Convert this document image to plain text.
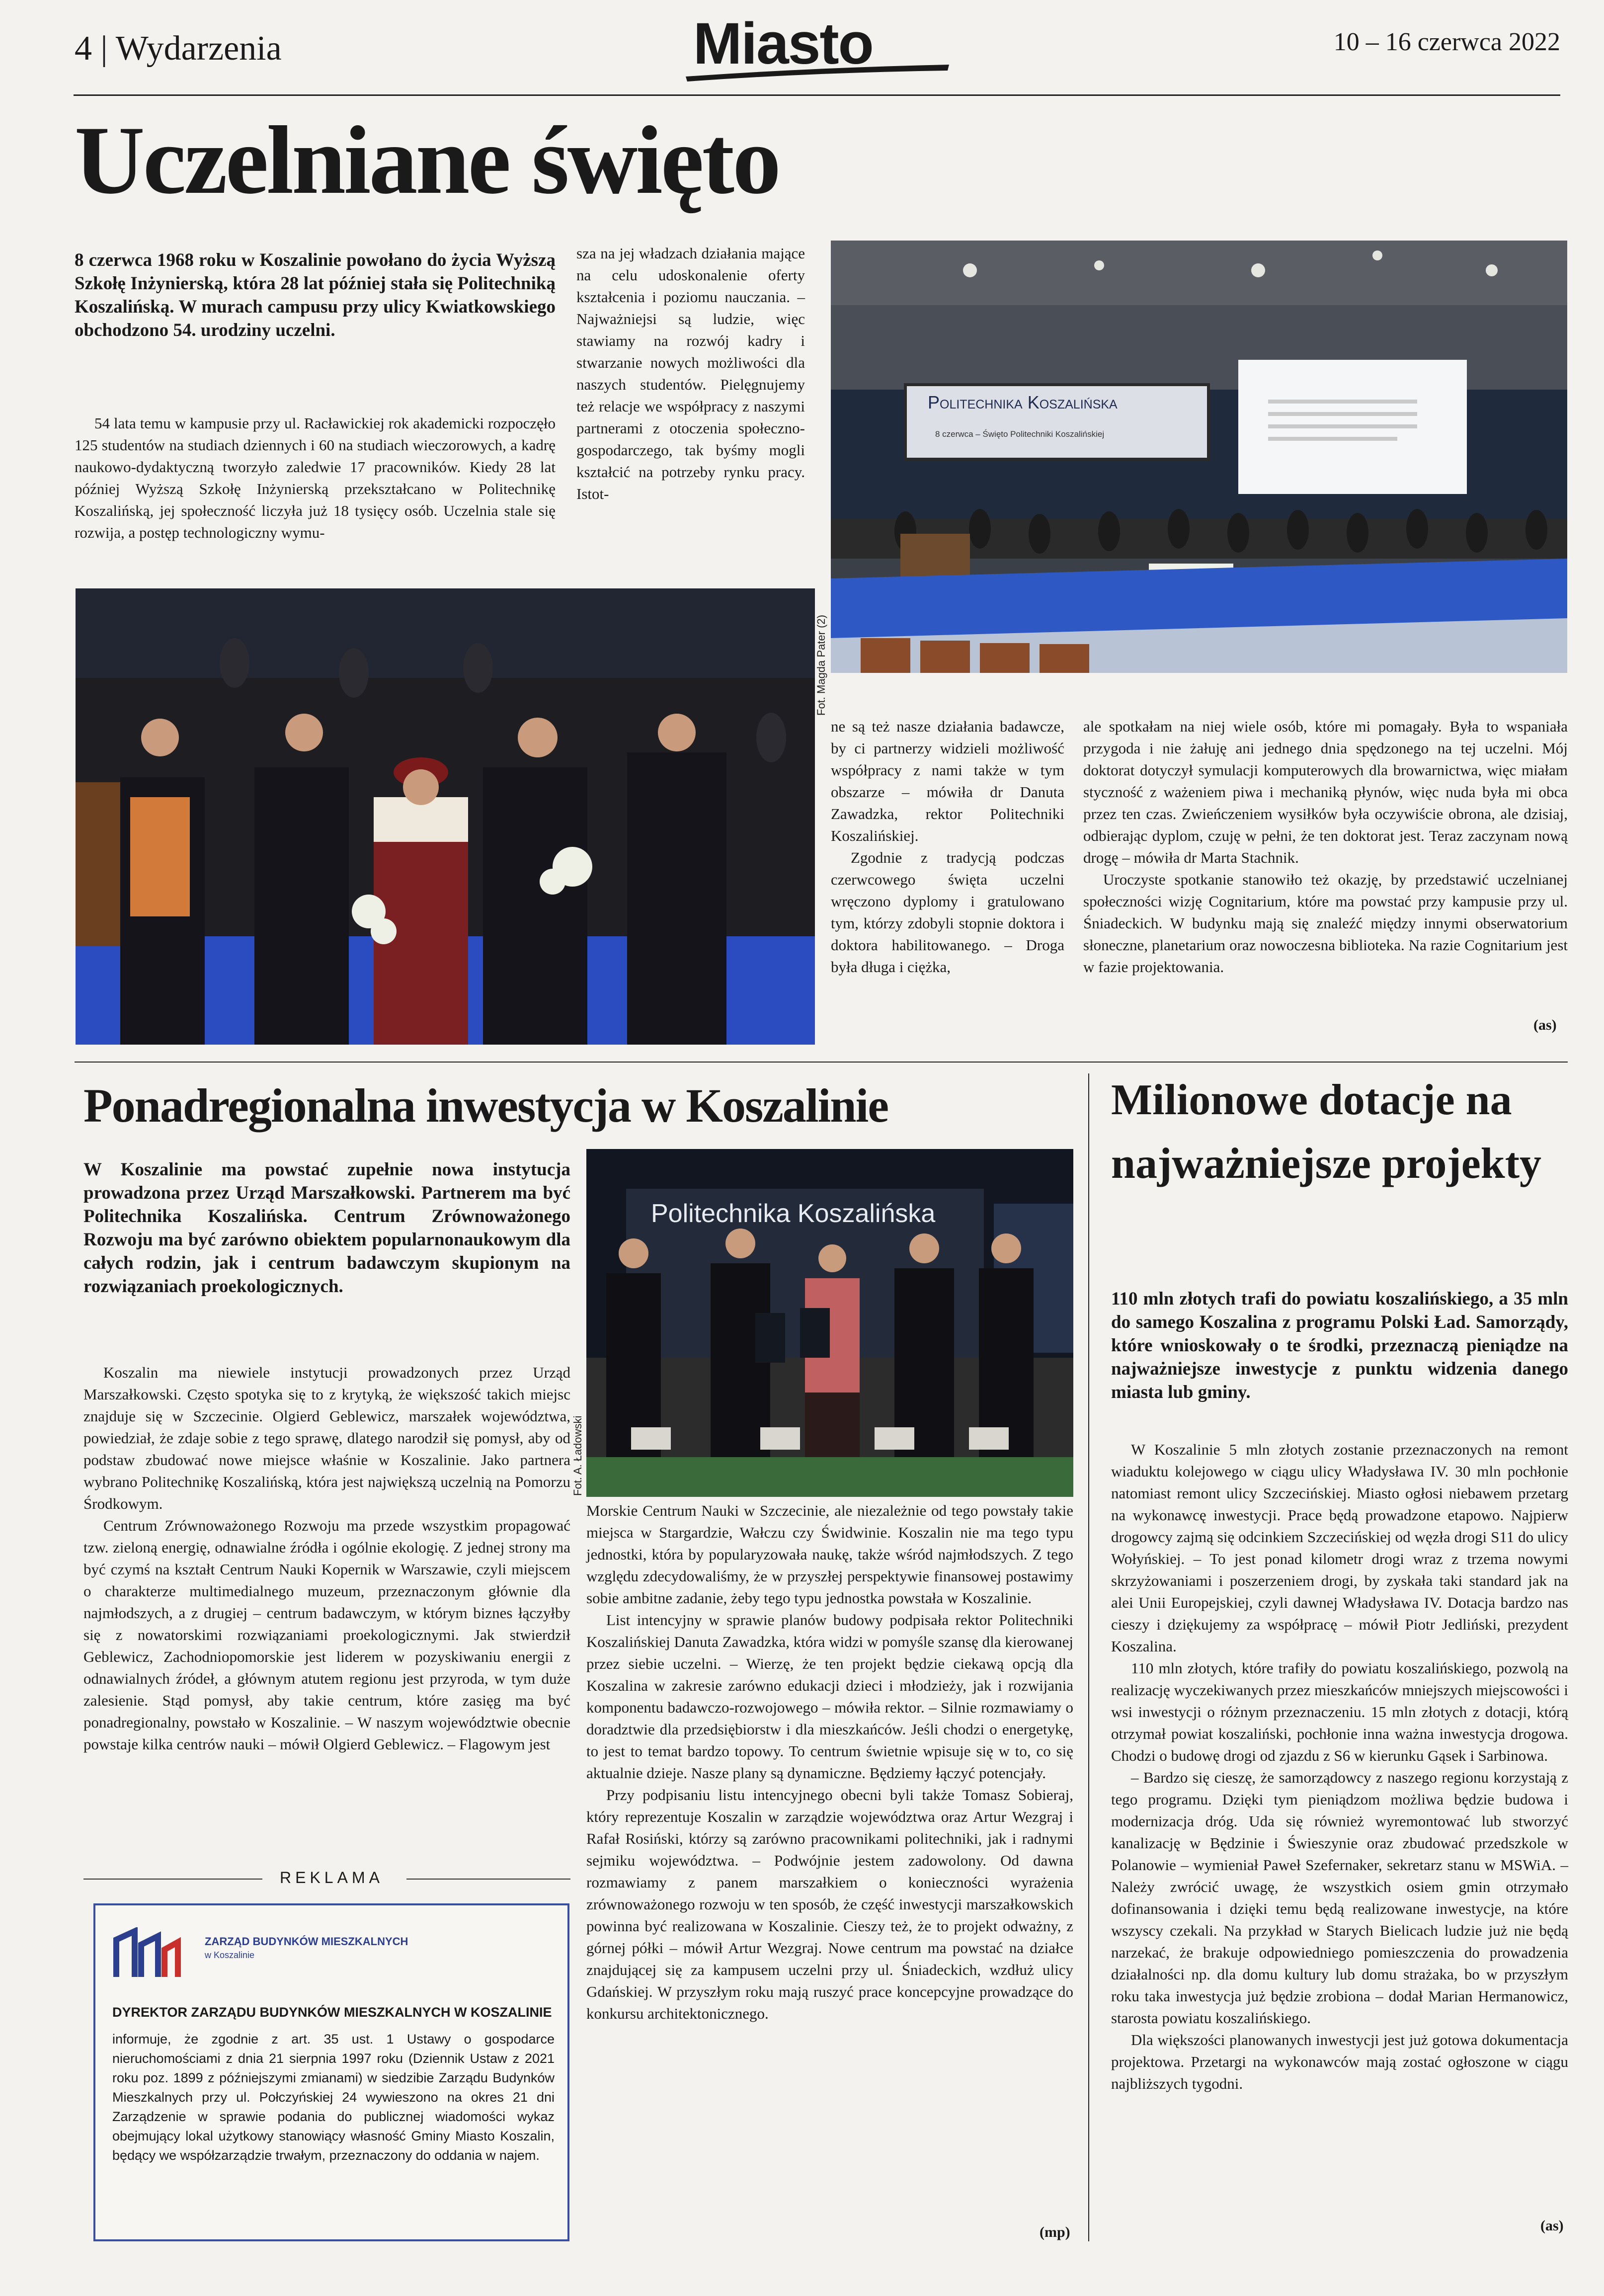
4 | Wydarzenia	Miasto	10 – 16 czerwca 2022
Uczelniane święto
8 czerwca 1968 roku w Koszalinie powołano do życia Wyższą Szkołę Inżynierską, która 28 lat później stała się Politechniką Koszalińską. W murach campusu przy ulicy Kwiatkowskiego obchodzono 54. urodziny uczelni.

54 lata temu w kampusie przy ul. Racławickiej rok akademicki rozpoczęło 125 studentów na studiach dziennych i 60 na studiach wieczorowych, a kadrę naukowo-dydaktyczną tworzyło zaledwie 17 pracowników. Kiedy 28 lat później Wyższą Szkołę Inżynierską przekształcano w Politechnikę Koszalińską, jej społeczność liczyła już 18 tysięcy osób. Uczelnia stale się rozwija, a postęp technologiczny wymu-

sza na jej władzach działania mające na celu udoskonalenie oferty kształcenia i poziomu nauczania. – Najważniejsi są ludzie, więc stawiamy na rozwój kadry i stwarzanie nowych możliwości dla naszych studentów. Pielęgnujemy też relacje we współpracy z naszymi partnerami z otoczenia społeczno-gospodarczego, tak byśmy mogli kształcić na potrzeby rynku pracy. Istot-

Politechnika Koszalińska
8 czerwca – Święto Politechniki Koszalińskiej
Fot. Magda Pater (2)

ne są też nasze działania badawcze, by ci partnerzy widzieli możliwość współpracy z nami także w tym obszarze – mówiła dr Danuta Zawadzka, rektor Politechniki Koszalińskiej.

Zgodnie z tradycją podczas czerwcowego święta uczelni wręczono dyplomy i gratulowano tym, którzy zdobyli stopnie doktora i doktora habilitowanego. – Droga była długa i ciężka,

ale spotkałam na niej wiele osób, które mi pomagały. Była to wspaniała przygoda i nie żałuję ani jednego dnia spędzonego na tej uczelni. Mój doktorat dotyczył symulacji komputerowych dla browarnictwa, więc miałam styczność z ważeniem piwa i mechaniką płynów, więc nuda była mi obca przez ten czas. Zwieńczeniem wysiłków była oczywiście obrona, ale dzisiaj, odbierając dyplom, czuję w pełni, że ten doktorat jest. Teraz zaczynam nową drogę – mówiła dr Marta Stachnik.

Uroczyste spotkanie stanowiło też okazję, by przedstawić uczelnianej społeczności wizję Cognitarium, które ma powstać przy kampusie przy ul. Śniadeckich. W budynku mają się znaleźć między innymi obserwatorium słoneczne, planetarium oraz nowoczesna biblioteka. Na razie Cognitarium jest w fazie projektowania.

(as)
Ponadregionalna inwestycja w Koszalinie
W Koszalinie ma powstać zupełnie nowa instytucja prowadzona przez Urząd Marszałkowski. Partnerem ma być Politechnika Koszalińska. Centrum Zrównoważonego Rozwoju ma być zarówno obiektem popularnonaukowym dla całych rodzin, jak i centrum badawczym skupionym na rozwiązaniach proekologicznych.

Koszalin ma niewiele instytucji prowadzonych przez Urząd Marszałkowski. Często spotyka się to z krytyką, że większość takich miejsc znajduje się w Szczecinie. Olgierd Geblewicz, marszałek województwa, powiedział, że zdaje sobie z tego sprawę, dlatego narodził się pomysł, aby od podstaw zbudować nowe miejsce właśnie w Koszalinie. Jako partnera wybrano Politechnikę Koszalińską, która jest największą uczelnią na Pomorzu Środkowym.

Centrum Zrównoważonego Rozwoju ma przede wszystkim propagować tzw. zieloną energię, odnawialne źródła i ogólnie ekologię. Z jednej strony ma być czymś na kształt Centrum Nauki Kopernik w Warszawie, czyli miejscem o charakterze multimedialnego muzeum, przeznaczonym głównie dla najmłodszych, a z drugiej – centrum badawczym, w którym biznes łączyłby się z nowatorskimi rozwiązaniami proekologicznymi. Jak stwierdził Geblewicz, Zachodniopomorskie jest liderem w pozyskiwaniu energii z odnawialnych źródeł, a głównym atutem regionu jest przyroda, w tym duże zalesienie. Stąd pomysł, aby takie centrum, które zasięg ma być ponadregionalny, powstało w Koszalinie. – W naszym województwie obecnie powstaje kilka centrów nauki – mówił Olgierd Geblewicz. – Flagowym jest

Politechnika Koszalińska
Fot. A. Ładowski

Morskie Centrum Nauki w Szczecinie, ale niezależnie od tego powstały takie miejsca w Stargardzie, Wałczu czy Świdwinie. Koszalin nie ma tego typu jednostki, która by popularyzowała naukę, także wśród najmłodszych. Z tego względu zdecydowaliśmy, że w przyszłej perspektywie finansowej postawimy sobie ambitne zadanie, żeby tego typu jednostka powstała w Koszalinie.

List intencyjny w sprawie planów budowy podpisała rektor Politechniki Koszalińskiej Danuta Zawadzka, która widzi w pomyśle szansę dla kierowanej przez siebie uczelni. – Wierzę, że ten projekt będzie ciekawą opcją dla Koszalina w zakresie zarówno edukacji dzieci i młodzieży, jak i rozwijania komponentu badawczo-rozwojowego – mówiła rektor. – Silnie rozmawiamy o doradztwie dla przedsiębiorstw i dla mieszkańców. Jeśli chodzi o energetykę, to jest to temat bardzo topowy. To centrum świetnie wpisuje się w to, co się aktualnie dzieje. Nasze plany są dynamiczne. Będziemy łączyć potencjały.

Przy podpisaniu listu intencyjnego obecni byli także Tomasz Sobieraj, który reprezentuje Koszalin w zarządzie województwa oraz Artur Wezgraj i Rafał Rosiński, którzy są zarówno pracownikami politechniki, jak i radnymi sejmiku województwa. – Podwójnie jestem zadowolony. Od dawna rozmawiamy z panem marszałkiem o konieczności wyrażenia zrównoważonego rozwoju w ten sposób, że część inwestycji marszałkowskich powinna być realizowana w Koszalinie. Cieszy też, że to projekt odważny, z górnej półki – mówił Artur Wezgraj. Nowe centrum ma powstać na działce znajdującej się za kampusem uczelni przy ul. Śniadeckich, wzdłuż ulicy Gdańskiej. W przyszłym roku mają ruszyć prace koncepcyjne prowadzące do konkursu architektonicznego.

(mp)
REKLAMA
ZARZĄD BUDYNKÓW MIESZKALNYCH
w Koszalinie
DYREKTOR ZARZĄDU BUDYNKÓW MIESZKALNYCH W KOSZALINIE
informuje, że zgodnie z art. 35 ust. 1 Ustawy o gospodarce nieruchomościami z dnia 21 sierpnia 1997 roku (Dziennik Ustaw z 2021 roku poz. 1899 z późniejszymi zmianami) w siedzibie Zarządu Budynków Mieszkalnych przy ul. Połczyńskiej 24 wywieszono na okres 21 dni Zarządzenie w sprawie podania do publicznej wiadomości wykaz obejmujący lokal użytkowy stanowiący własność Gminy Miasto Koszalin, będący we współzarządzie trwałym, przeznaczony do oddania w najem.
Milionowe dotacje na najważniejsze projekty
110 mln złotych trafi do powiatu koszalińskiego, a 35 mln do samego Koszalina z programu Polski Ład. Samorządy, które wnioskowały o te środki, przeznaczą pieniądze na najważniejsze inwestycje z punktu widzenia danego miasta lub gminy.

W Koszalinie 5 mln złotych zostanie przeznaczonych na remont wiaduktu kolejowego w ciągu ulicy Władysława IV. 30 mln pochłonie natomiast remont ulicy Szczecińskiej. Miasto ogłosi niebawem przetarg na wykonawcę inwestycji. Prace będą prowadzone etapowo. Najpierw drogowcy zajmą się odcinkiem Szczecińskiej od węzła drogi S11 do ulicy Wołyńskiej. – To jest ponad kilometr drogi wraz z trzema nowymi skrzyżowaniami i poszerzeniem drogi, by zyskała taki standard jak na alei Unii Europejskiej, czyli dawnej Władysława IV. Dotacja bardzo nas cieszy i dziękujemy za współpracę – mówił Piotr Jedliński, prezydent Koszalina.

110 mln złotych, które trafiły do powiatu koszalińskiego, pozwolą na realizację wyczekiwanych przez mieszkańców mniejszych miejscowości i wsi inwestycji o różnym przeznaczeniu. 15 mln złotych z dotacji, którą otrzymał powiat koszaliński, pochłonie inna ważna inwestycja drogowa. Chodzi o budowę drogi od zjazdu z S6 w kierunku Gąsek i Sarbinowa.

– Bardzo się cieszę, że samorządowcy z naszego regionu korzystają z tego programu. Dzięki tym pieniądzom możliwa będzie budowa i modernizacja dróg. Uda się również wyremontować lub stworzyć kanalizację w Będzinie i Świeszynie oraz zbudować przedszkole w Polanowie – wymieniał Paweł Szefernaker, sekretarz stanu w MSWiA. – Należy zwrócić uwagę, że wszystkich osiem gmin otrzymało dofinansowania i dzięki temu będą realizowane inwestycje, na które wszyscy czekali. Na przykład w Starych Bielicach ludzie już nie będą narzekać, że brakuje odpowiedniego pomieszczenia do prowadzenia działalności np. dla domu kultury lub domu strażaka, bo w przyszłym roku taka inwestycja już będzie zrobiona – dodał Marian Hermanowicz, starosta powiatu koszalińskiego.

Dla większości planowanych inwestycji jest już gotowa dokumentacja projektowa. Przetargi na wykonawców mają zostać ogłoszone w ciągu najbliższych tygodni.

(as)
